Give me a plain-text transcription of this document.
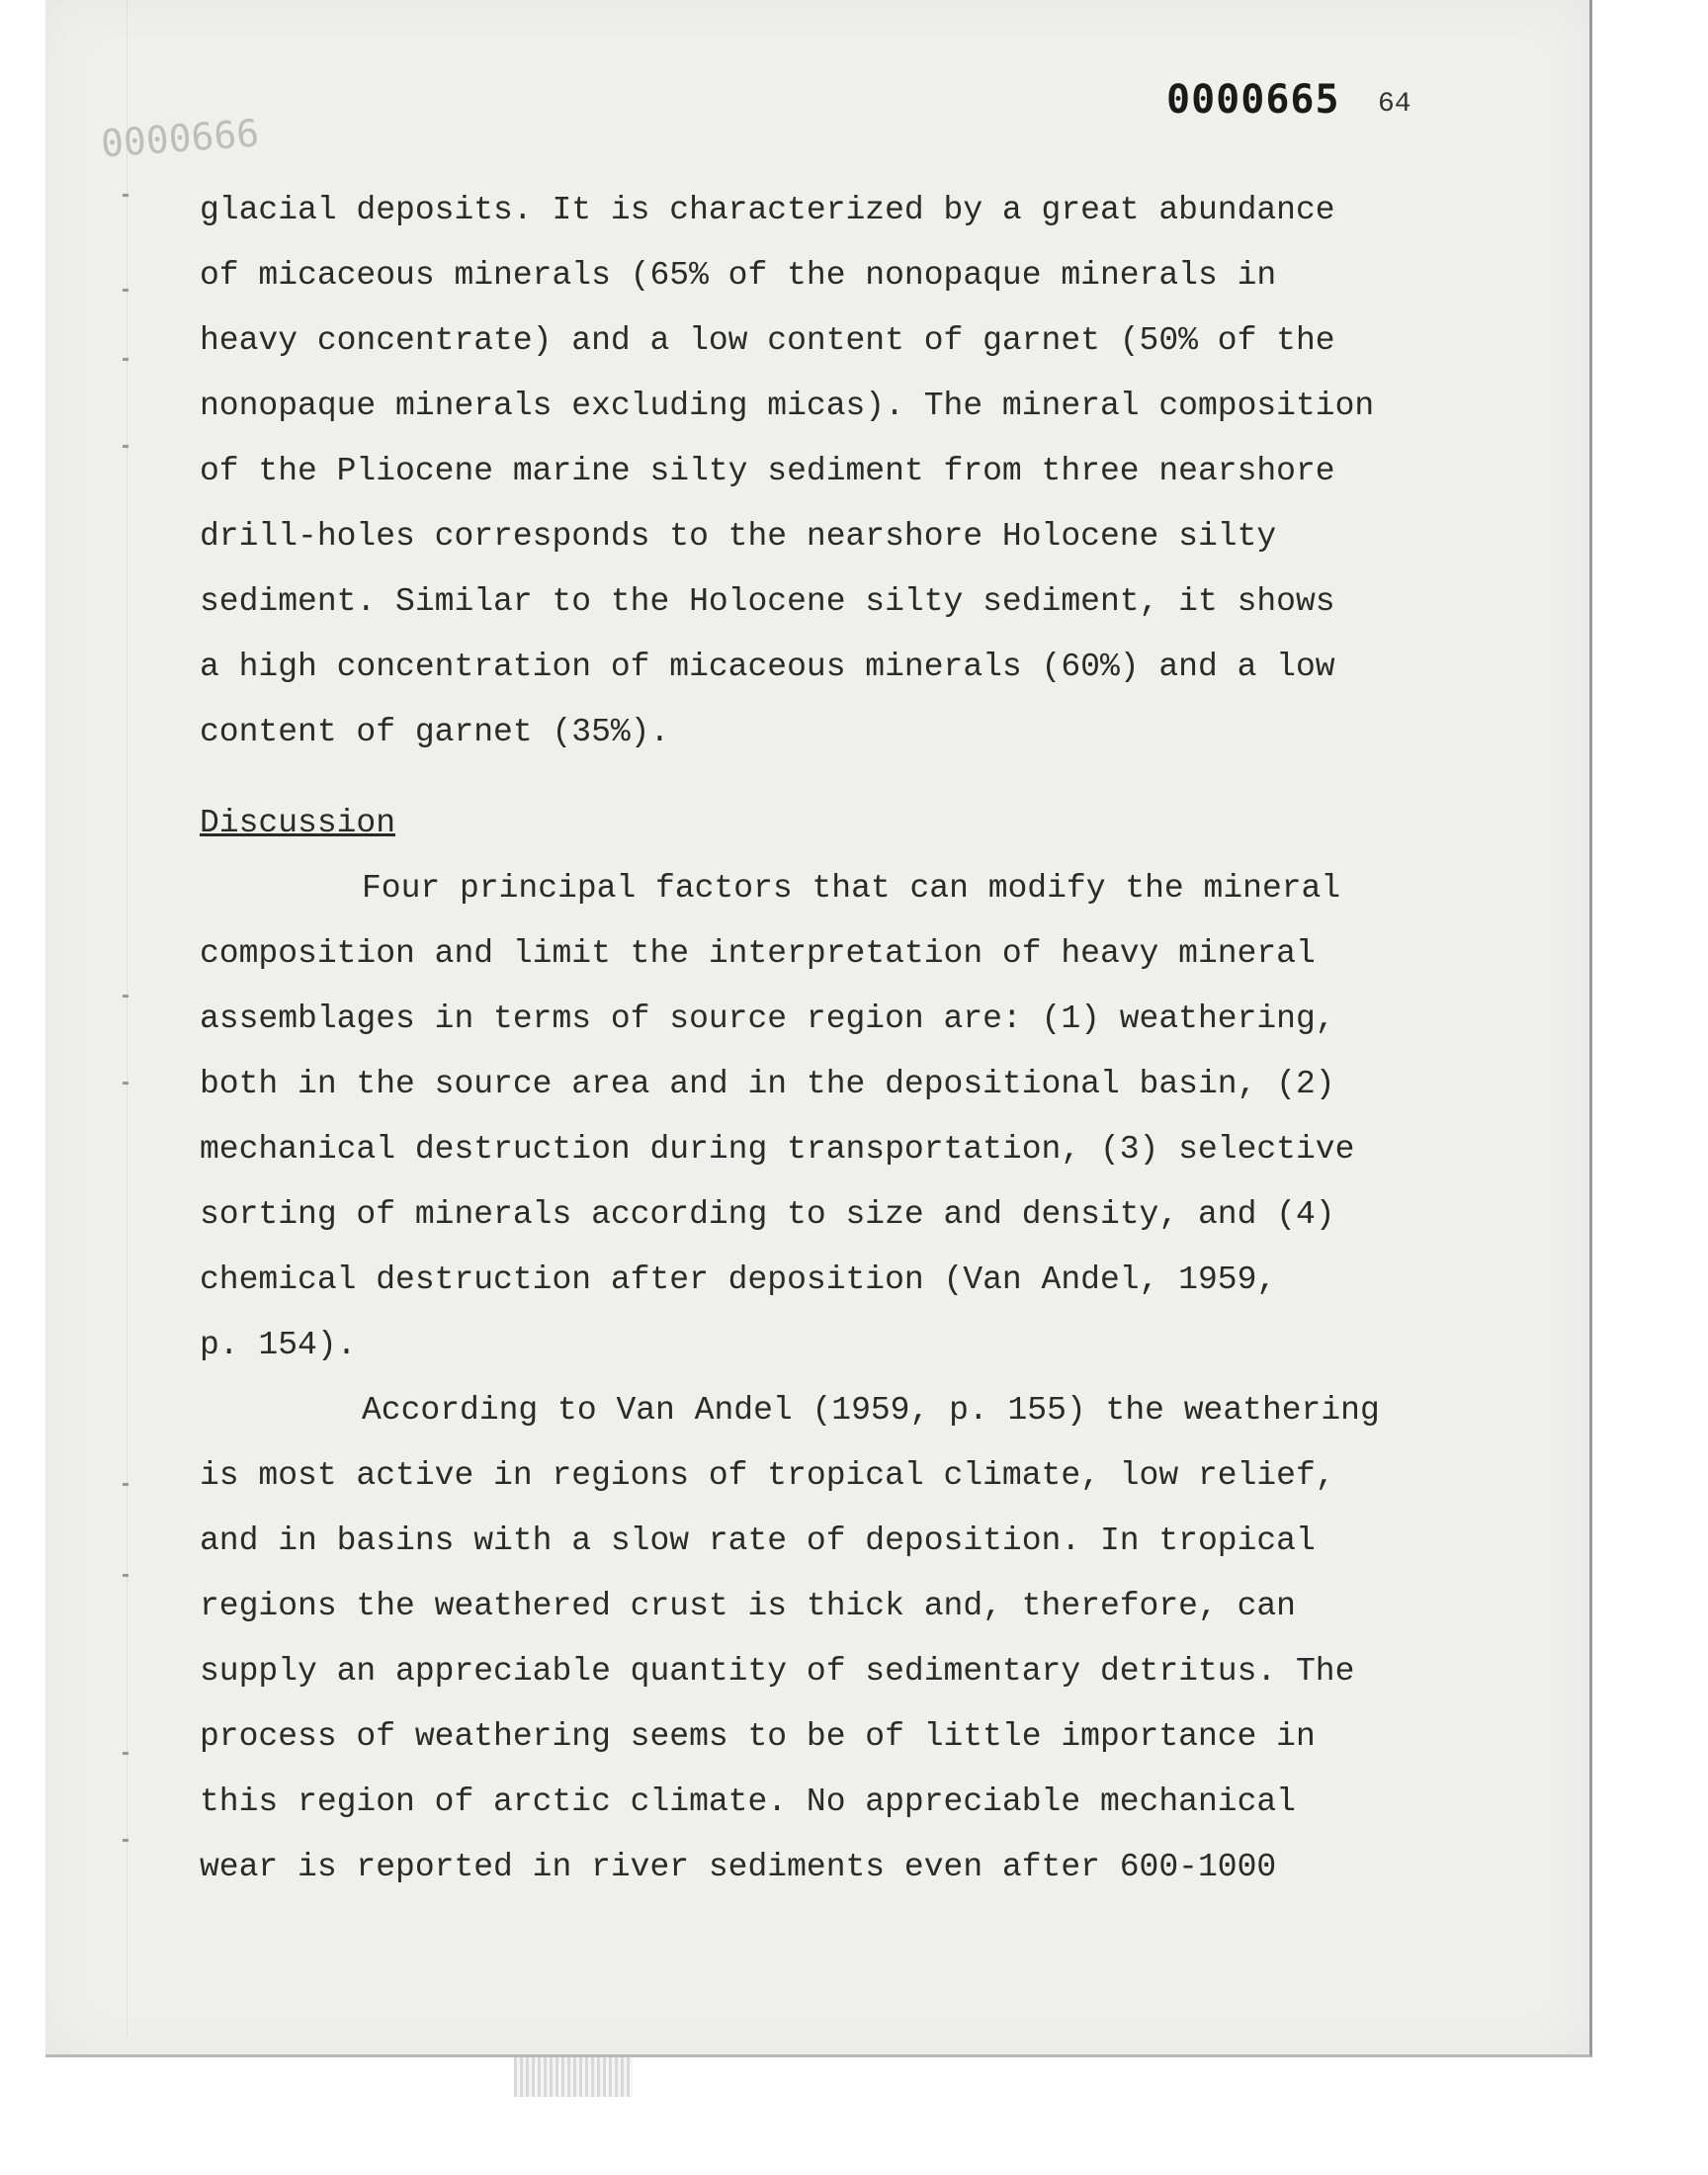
0000666
0000665 64
glacial deposits. It is characterized by a great abundance
of micaceous minerals (65% of the nonopaque minerals in
heavy concentrate) and a low content of garnet (50% of the
nonopaque minerals excluding micas). The mineral composition
of the Pliocene marine silty sediment from three nearshore
drill-holes corresponds to the nearshore Holocene silty
sediment. Similar to the Holocene silty sediment, it shows
a high concentration of micaceous minerals (60%) and a low
content of garnet (35%).
Discussion
Four principal factors that can modify the mineral
composition and limit the interpretation of heavy mineral
assemblages in terms of source region are: (1) weathering,
both in the source area and in the depositional basin, (2)
mechanical destruction during transportation, (3) selective
sorting of minerals according to size and density, and (4)
chemical destruction after deposition (Van Andel, 1959,
p. 154).
According to Van Andel (1959, p. 155) the weathering
is most active in regions of tropical climate, low relief,
and in basins with a slow rate of deposition. In tropical
regions the weathered crust is thick and, therefore, can
supply an appreciable quantity of sedimentary detritus. The
process of weathering seems to be of little importance in
this region of arctic climate. No appreciable mechanical
wear is reported in river sediments even after 600-1000
